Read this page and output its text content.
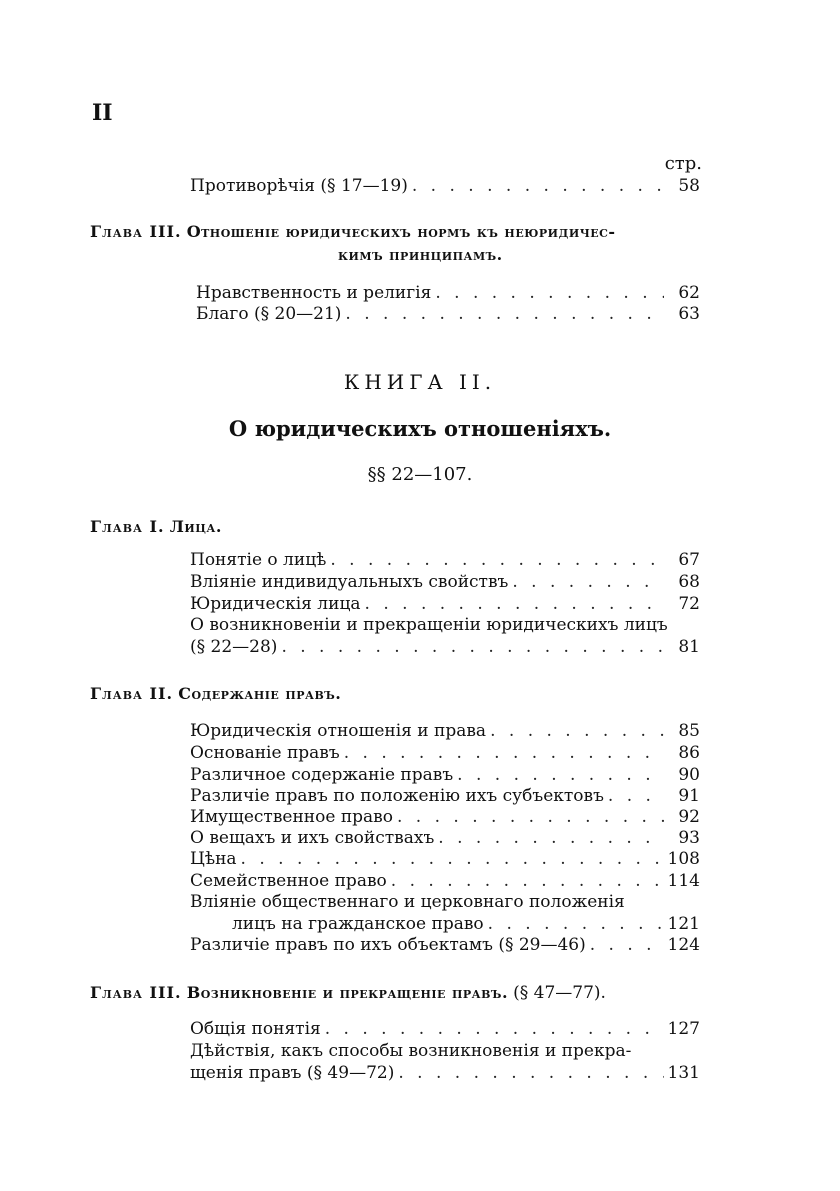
II
стр.
Противорѣчія (§ 17—19) . . .	58
Глава III. Отношеніе юридическихъ нормъ къ неюридичес-
кимъ принципамъ.
Нравственность и религія . . .	62
Благо (§ 20—21) . . .	63
КНИГА II.
О юридическихъ отношеніяхъ.
§§ 22—107.
Глава I. Лица.
Понятіе о лицѣ . . .	67
Вліяніе индивидуальныхъ свойствъ . . .	68
Юридическія лица . . .	72
О возникновеніи и прекращеніи юридическихъ лицъ
(§ 22—28) . . .	81
Глава II. Содержаніе правъ.
Юридическія отношенія и права . . .	85
Основаніе правъ . . .	86
Различное содержаніе правъ . . .	90
Различіе правъ по положенію ихъ субъектовъ . . .	91
Имущественное право . . .	92
О вещахъ и ихъ свойствахъ . . .	93
Цѣна . . .	108
Семейственное право . . .	114
Вліяніе общественнаго и церковнаго положенія
лицъ на гражданское право . . .	121
Различіе правъ по ихъ объектамъ (§ 29—46) . . .	124
Глава III. Возникновеніе и прекращеніе правъ. (§ 47—77).
Общія понятія . . .	127
Дѣйствія, какъ способы возникновенія и прекра-
щенія правъ (§ 49—72) . . .	131
